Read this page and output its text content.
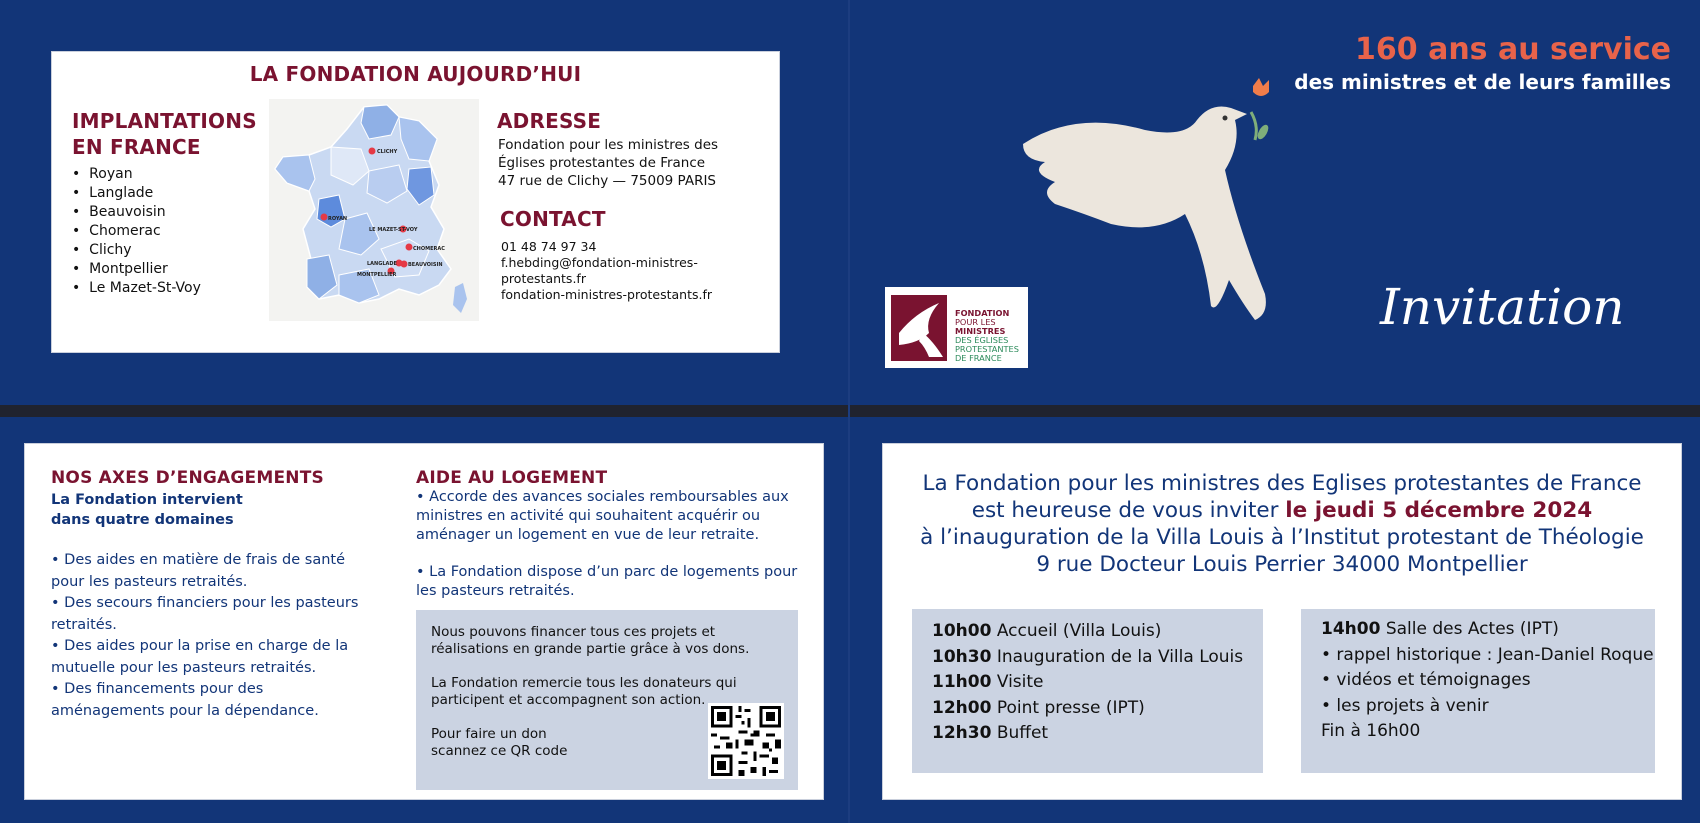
LA FONDATION AUJOURD’HUI
IMPLANTATIONS
EN FRANCE
•  Royan
•  Langlade
•  Beauvoisin
•  Chomerac
•  Clichy
•  Montpellier
•  Le Mazet-St-Voy
CLICHY
ROYAN
LE MAZET-ST-VOY
CHOMERAC
LANGLADE BEAUVOISIN
MONTPELLIER
ADRESSE
Fondation pour les ministres des
Églises protestantes de France
47 rue de Clichy — 75009 PARIS
CONTACT
01 48 74 97 34
f.hebding@fondation-ministres-protestants.fr
fondation-ministres-protestants.fr
160 ans au service
des ministres et de leurs familles
FONDATION
POUR LES
MINISTRES
DES ÉGLISES
PROTESTANTES
DE FRANCE
Invitation
NOS AXES D’ENGAGEMENTS
La Fondation intervient
dans quatre domaines
• Des aides en matière de frais de santé pour les pasteurs retraités.
• Des secours financiers pour les pasteurs retraités.
• Des aides pour la prise en charge de la mutuelle pour les pasteurs retraités.
• Des financements pour des aménagements pour la dépendance.
AIDE AU LOGEMENT
• Accorde des avances sociales remboursables aux ministres en activité qui souhaitent acquérir ou aménager un logement en vue de leur retraite.
• La Fondation dispose d’un parc de logements pour les pasteurs retraités.
Nous pouvons financer tous ces projets et réalisations en grande partie grâce à vos dons.
La Fondation remercie tous les donateurs qui participent et accompagnent son action.
Pour faire un don
scannez ce QR code
La Fondation pour les ministres des Eglises protestantes de France
est heureuse de vous inviter le jeudi 5 décembre 2024
à l’inauguration de la Villa Louis à l’Institut protestant de Théologie
9 rue Docteur Louis Perrier 34000 Montpellier
10h00 Accueil (Villa Louis)
10h30 Inauguration de la Villa Louis
11h00 Visite
12h00 Point presse (IPT)
12h30 Buffet
14h00 Salle des Actes (IPT)
• rappel historique : Jean-Daniel Roque
• vidéos et témoignages
• les projets à venir
Fin à 16h00
